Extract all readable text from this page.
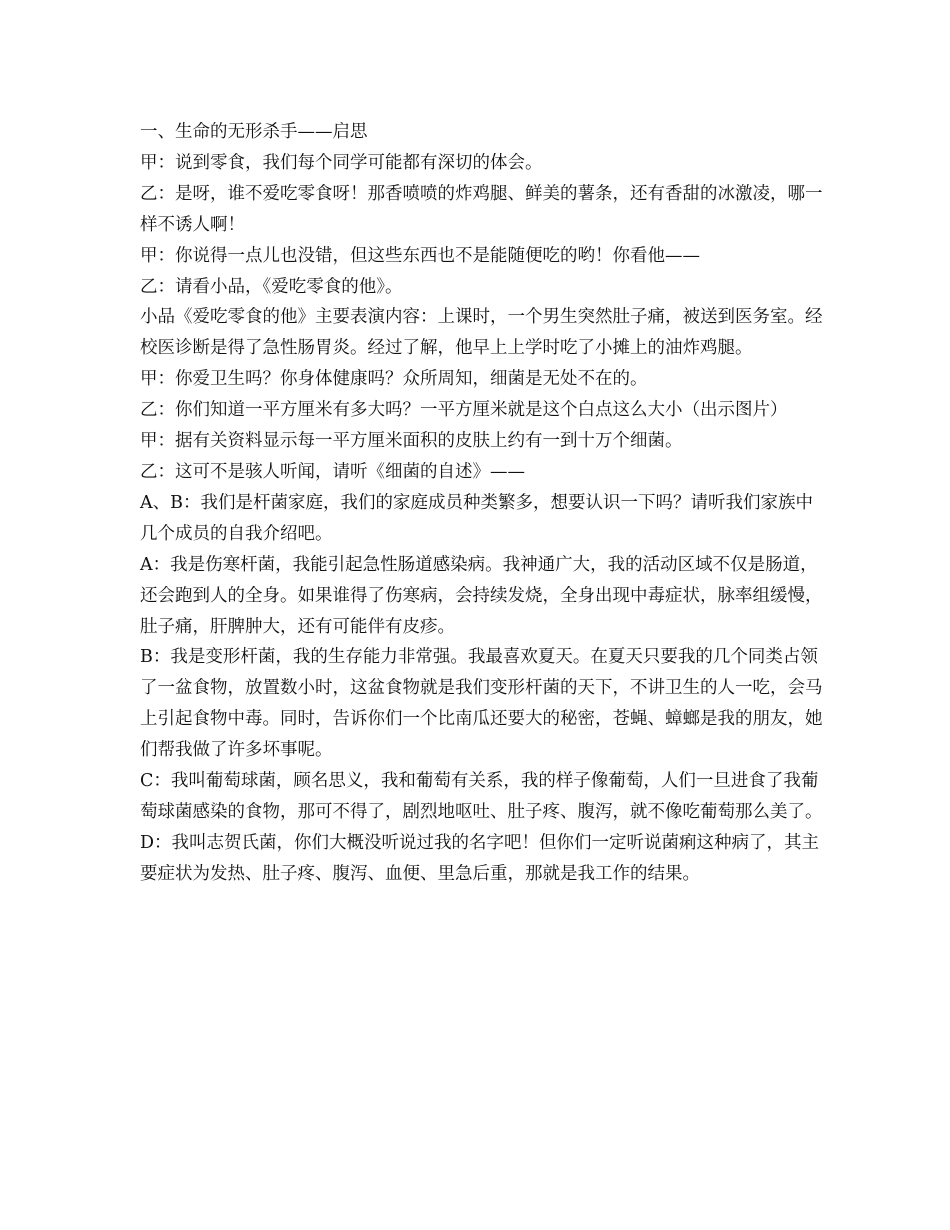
一、生命的无形杀手——启思

甲：说到零食，我们每个同学可能都有深切的体会。

乙：是呀，谁不爱吃零食呀！那香喷喷的炸鸡腿、鲜美的薯条，还有香甜的冰激凌，哪一样不诱人啊！

甲：你说得一点儿也没错，但这些东西也不是能随便吃的哟！你看他——

乙：请看小品，《爱吃零食的他》。

小品《爱吃零食的他》主要表演内容：上课时，一个男生突然肚子痛，被送到医务室。经校医诊断是得了急性肠胃炎。经过了解，他早上上学时吃了小摊上的油炸鸡腿。

甲：你爱卫生吗？你身体健康吗？众所周知，细菌是无处不在的。

乙：你们知道一平方厘米有多大吗？一平方厘米就是这个白点这么大小（出示图片）

甲：据有关资料显示每一平方厘米面积的皮肤上约有一到十万个细菌。

乙：这可不是骇人听闻，请听《细菌的自述》——

A、B：我们是杆菌家庭，我们的家庭成员种类繁多，想要认识一下吗？请听我们家族中几个成员的自我介绍吧。

A：我是伤寒杆菌，我能引起急性肠道感染病。我神通广大，我的活动区域不仅是肠道，还会跑到人的全身。如果谁得了伤寒病，会持续发烧，全身出现中毒症状，脉率组缓慢，肚子痛，肝脾肿大，还有可能伴有皮疹。

B：我是变形杆菌，我的生存能力非常强。我最喜欢夏天。在夏天只要我的几个同类占领了一盆食物，放置数小时，这盆食物就是我们变形杆菌的天下，不讲卫生的人一吃，会马上引起食物中毒。同时，告诉你们一个比南瓜还要大的秘密，苍蝇、蟑螂是我的朋友，她们帮我做了许多坏事呢。

C：我叫葡萄球菌，顾名思义，我和葡萄有关系，我的样子像葡萄，人们一旦进食了我葡萄球菌感染的食物，那可不得了，剧烈地呕吐、肚子疼、腹泻，就不像吃葡萄那么美了。

D：我叫志贺氏菌，你们大概没听说过我的名字吧！但你们一定听说菌痢这种病了，其主要症状为发热、肚子疼、腹泻、血便、里急后重，那就是我工作的结果。
